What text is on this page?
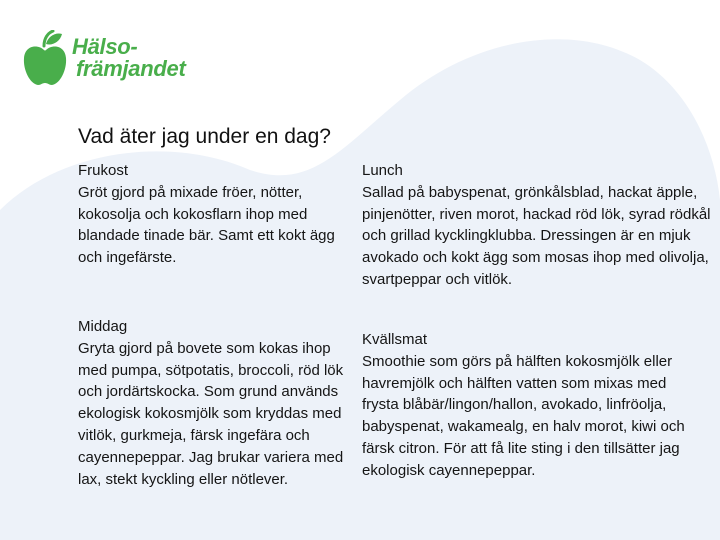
Hälso-
främjandet
Vad äter jag under en dag?
Frukost
Gröt gjord på mixade fröer, nötter, kokosolja och kokosflarn ihop med blandade tinade bär. Samt ett kokt ägg och ingefärste.
Lunch
Sallad på babyspenat, grönkålsblad, hackat äpple, pinjenötter, riven morot, hackad röd lök, syrad rödkål och grillad kycklingklubba. Dressingen är en mjuk avokado och kokt ägg som mosas ihop med olivolja, svartpeppar och vitlök.
Middag
Gryta gjord på bovete som kokas ihop med pumpa, sötpotatis, broccoli, röd lök och jordärtskocka. Som grund används ekologisk kokosmjölk som kryddas med vitlök, gurkmeja, färsk ingefära och cayennepeppar. Jag brukar variera med lax, stekt kyckling eller nötlever.
Kvällsmat
Smoothie som görs på hälften kokosmjölk eller havremjölk och hälften vatten som mixas med frysta blåbär/lingon/hallon, avokado, linfröolja, babyspenat, wakamealg, en halv morot, kiwi och färsk citron. För att få lite sting i den tillsätter jag ekologisk cayennepeppar.
